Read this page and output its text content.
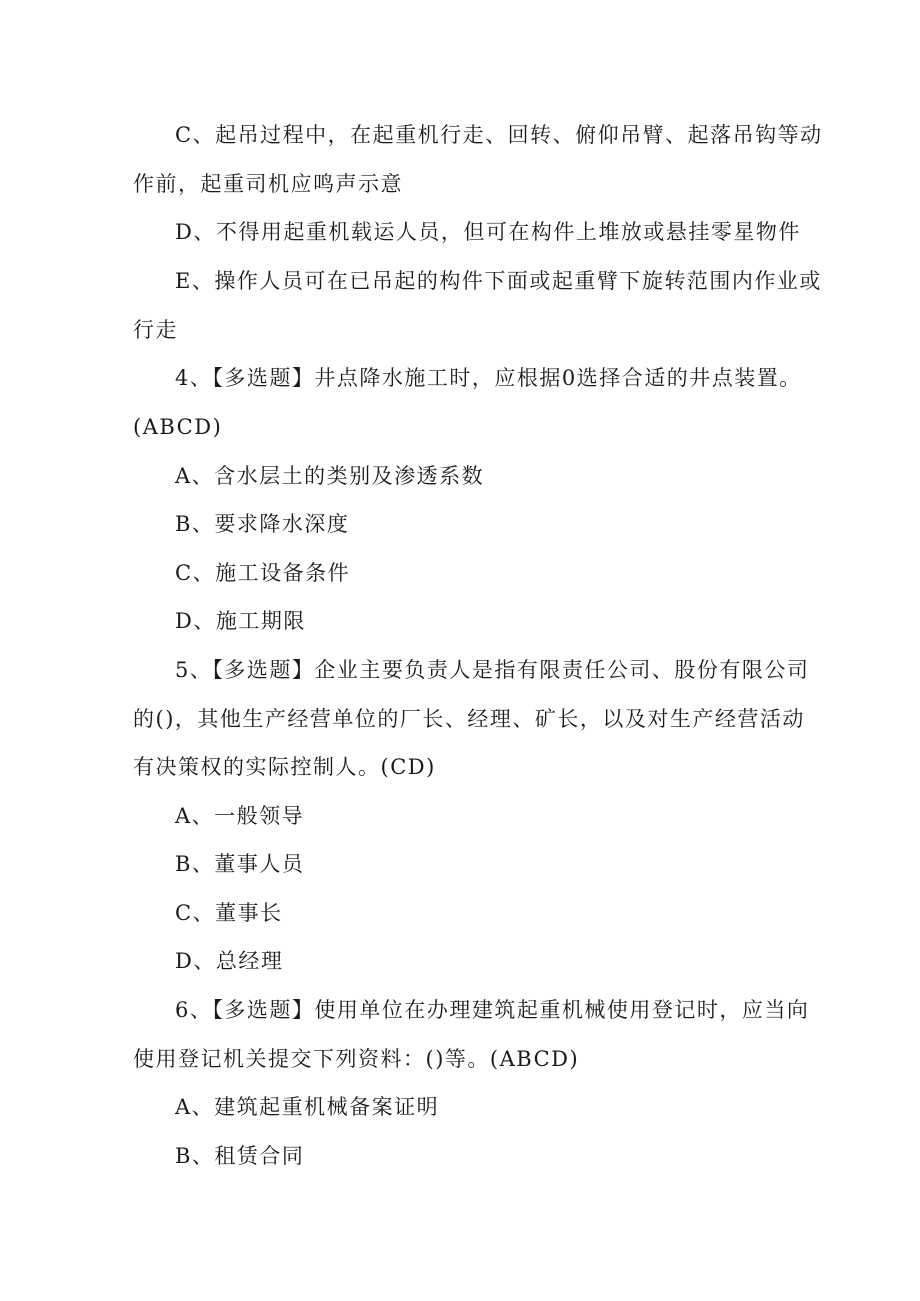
C、起吊过程中，在起重机行走、回转、俯仰吊臂、起落吊钩等动
作前，起重司机应鸣声示意
D、不得用起重机载运人员，但可在构件上堆放或悬挂零星物件
E、操作人员可在已吊起的构件下面或起重臂下旋转范围内作业或
行走
4、【多选题】井点降水施工时，应根据0选择合适的井点装置。
(ABCD)
A、含水层土的类别及渗透系数
B、要求降水深度
C、施工设备条件
D、施工期限
5、【多选题】企业主要负责人是指有限责任公司、股份有限公司
的()，其他生产经营单位的厂长、经理、矿长，以及对生产经营活动
有决策权的实际控制人。(CD)
A、一般领导
B、董事人员
C、董事长
D、总经理
6、【多选题】使用单位在办理建筑起重机械使用登记时，应当向
使用登记机关提交下列资料：()等。(ABCD)
A、建筑起重机械备案证明
B、租赁合同
